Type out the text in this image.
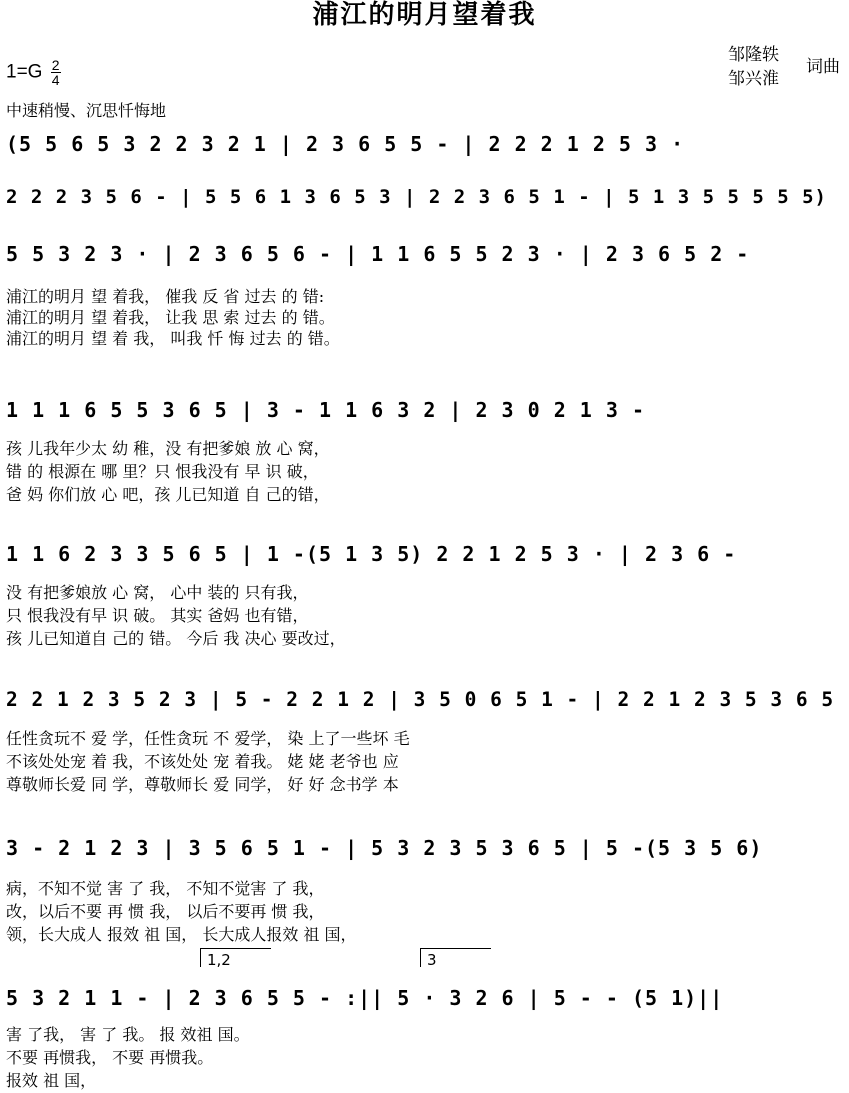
浦江的明月望着我
$1=G \frac{2}{4}$
中速稍慢、沉思忏悔地
邹隆轶
邹兴淮
词曲
(5 5 6 5 3 2 2 3 2 1 | 2 3 6 5 5 - | 2 2 2 1 2 5 3 ·
2 2 2 3 5 6 - | 5 5 6 1 3 6 5 3 | 2 2 3 6 5 1 - | 5 1 3 5 5 5 5 5)
5 5 3 2 3 · | 2 3 6 5 6 - | 1 1 6 5 5 2 3 · | 2 3 6 5 2 -
浦江的明月 望 着我， 催我 反 省 过去 的 错:
浦江的明月 望 着我， 让我 思 索 过去 的 错。
浦江的明月 望 着 我， 叫我 忏 悔 过去 的 错。
1 1 1 6 5 5 3 6 5 | 3 - 1 1 6 3 2 | 2 3 0 2 1 3 -
孩 儿我年少太 幼 稚，没 有把爹娘 放 心 窝，
错 的 根源在 哪 里？只 恨我没有 早 识 破，
爸 妈 你们放 心 吧，孩 儿已知道 自 己的错，
1 1 6 2 3 3 5 6 5 | 1 -(5 1 3 5) 2 2 1 2 5 3 · | 2 3 6 -
没 有把爹娘放 心 窝， 心中 装的 只有我，
只 恨我没有早 识 破。 其实 爸妈 也有错，
孩 儿已知道自 己的 错。 今后 我 决心 要改过，
2 2 1 2 3 5 2 3 | 5 - 2 2 1 2 | 3 5 0 6 5 1 - | 2 2 1 2 3 5 3 6 5
任性贪玩不 爱 学，任性贪玩 不 爱学， 染 上了一些坏 毛
不该处处宠 着 我，不该处处 宠 着我。 姥 姥 老爷也 应
尊敬师长爱 同 学，尊敬师长 爱 同学， 好 好 念书学 本
3 - 2 1 2 3 | 3 5 6 5 1 - | 5 3 2 3 5 3 6 5 | 5 -(5 3 5 6)
病，不知不觉 害 了 我， 不知不觉害 了 我，
改，以后不要 再 惯 我， 以后不要再 惯 我，
领，长大成人 报效 祖 国， 长大成人报效 祖 国，
1,2	3
5 3 2 1 1 - | 2 3 6 5 5 - :|| 5 · 3 2 6 | 5 - - (5 1)||
害 了我， 害 了 我。 报 效祖 国。
不要 再惯我， 不要 再惯我。
报效 祖 国，
